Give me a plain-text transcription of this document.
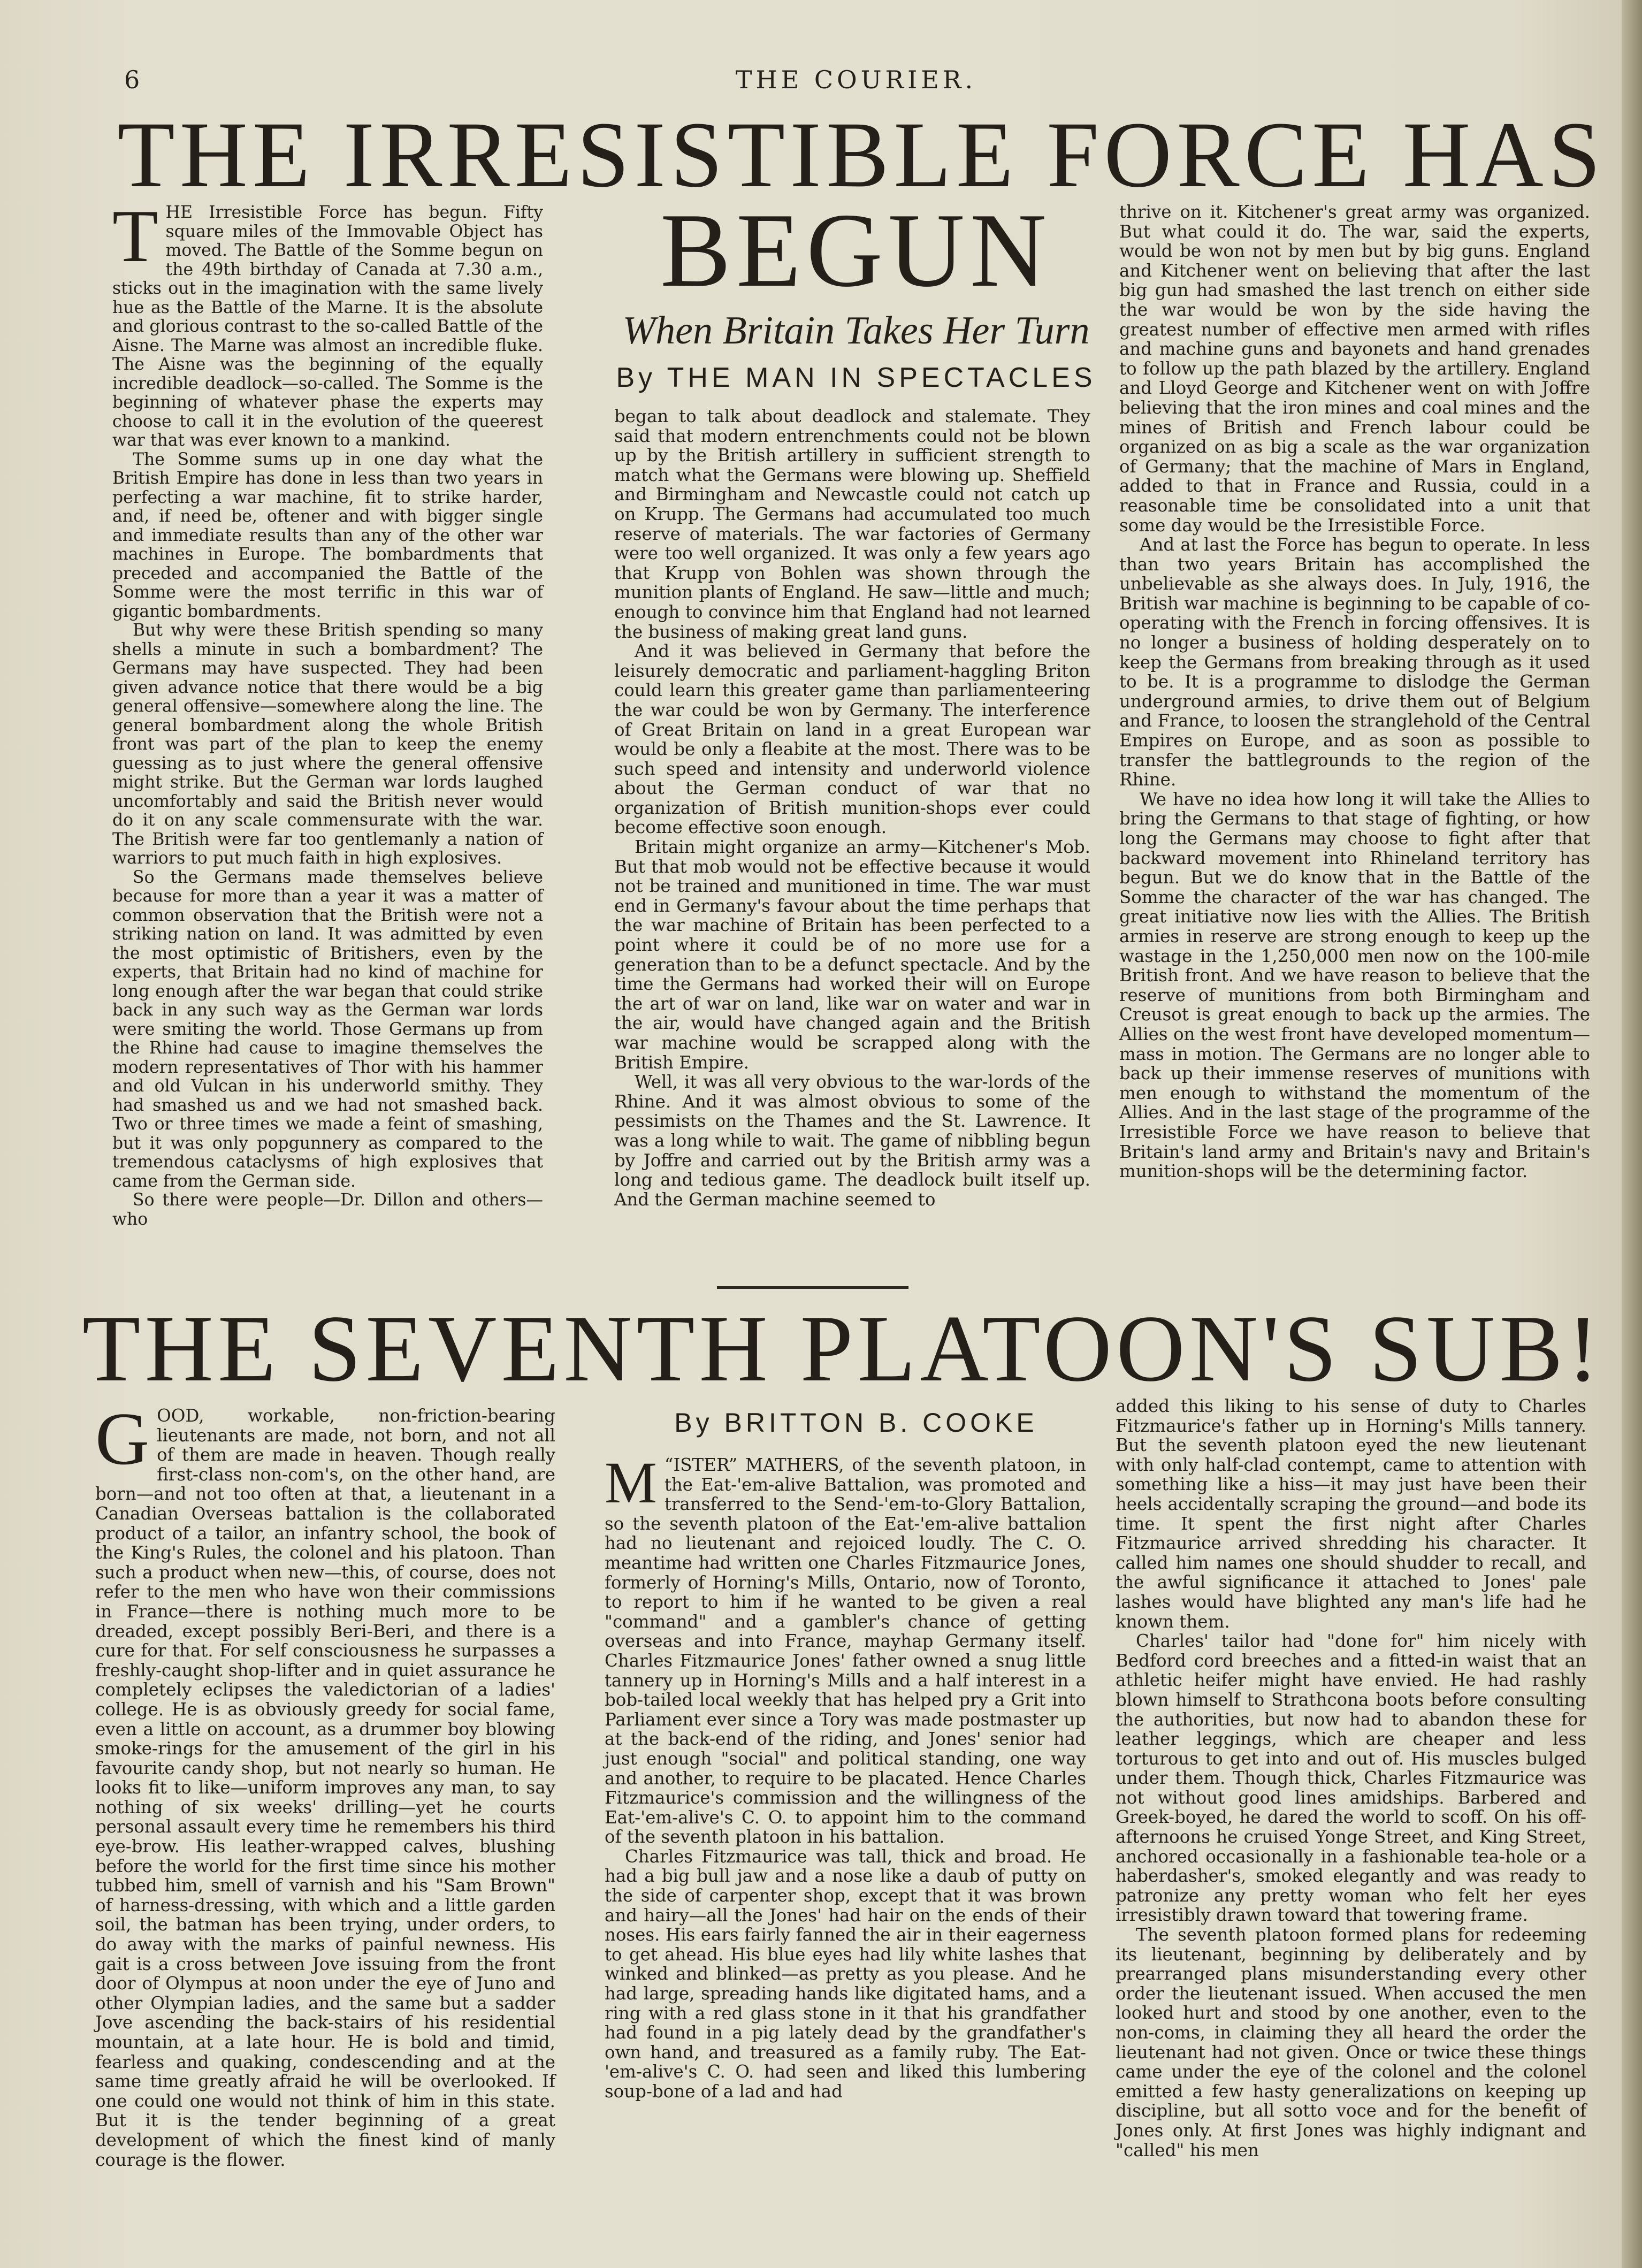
6	THE COURIER.
THE IRRESISTIBLE FORCE HAS
BEGUN
When Britain Takes Her Turn
By THE MAN IN SPECTACLES

THE Irresistible Force has begun. Fifty square miles of the Immovable Object has moved. The Battle of the Somme begun on the 49th birthday of Canada at 7.30 a.m., sticks out in the imagination with the same lively hue as the Battle of the Marne. It is the absolute and glorious contrast to the so-called Battle of the Aisne. The Marne was almost an incredible fluke. The Aisne was the beginning of the equally incredible deadlock—so-called. The Somme is the beginning of whatever phase the experts may choose to call it in the evolution of the queerest war that was ever known to a mankind.

The Somme sums up in one day what the British Empire has done in less than two years in perfecting a war machine, fit to strike harder, and, if need be, oftener and with bigger single and immediate results than any of the other war machines in Europe. The bombardments that preceded and accompanied the Battle of the Somme were the most terrific in this war of gigantic bombardments.

But why were these British spending so many shells a minute in such a bombardment? The Germans may have suspected. They had been given advance notice that there would be a big general offensive—somewhere along the line. The general bombardment along the whole British front was part of the plan to keep the enemy guessing as to just where the general offensive might strike. But the German war lords laughed uncomfortably and said the British never would do it on any scale commensurate with the war. The British were far too gentlemanly a nation of warriors to put much faith in high explosives.

So the Germans made themselves believe because for more than a year it was a matter of common observation that the British were not a striking nation on land. It was admitted by even the most optimistic of Britishers, even by the experts, that Britain had no kind of machine for long enough after the war began that could strike back in any such way as the German war lords were smiting the world. Those Germans up from the Rhine had cause to imagine themselves the modern representatives of Thor with his hammer and old Vulcan in his underworld smithy. They had smashed us and we had not smashed back. Two or three times we made a feint of smashing, but it was only popgunnery as compared to the tremendous cataclysms of high explosives that came from the German side.

So there were people—Dr. Dillon and others—who

began to talk about deadlock and stalemate. They said that modern entrenchments could not be blown up by the British artillery in sufficient strength to match what the Germans were blowing up. Sheffield and Birmingham and Newcastle could not catch up on Krupp. The Germans had accumulated too much reserve of materials. The war factories of Germany were too well organized. It was only a few years ago that Krupp von Bohlen was shown through the munition plants of England. He saw—little and much; enough to convince him that England had not learned the business of making great land guns.

And it was believed in Germany that before the leisurely democratic and parliament-haggling Briton could learn this greater game than parliamenteering the war could be won by Germany. The interference of Great Britain on land in a great European war would be only a fleabite at the most. There was to be such speed and intensity and underworld violence about the German conduct of war that no organization of British munition-shops ever could become effective soon enough.

Britain might organize an army—Kitchener's Mob. But that mob would not be effective because it would not be trained and munitioned in time. The war must end in Germany's favour about the time perhaps that the war machine of Britain has been perfected to a point where it could be of no more use for a generation than to be a defunct spectacle. And by the time the Germans had worked their will on Europe the art of war on land, like war on water and war in the air, would have changed again and the British war machine would be scrapped along with the British Empire.

Well, it was all very obvious to the war-lords of the Rhine. And it was almost obvious to some of the pessimists on the Thames and the St. Lawrence. It was a long while to wait. The game of nibbling begun by Joffre and carried out by the British army was a long and tedious game. The deadlock built itself up. And the German machine seemed to

thrive on it. Kitchener's great army was organized. But what could it do. The war, said the experts, would be won not by men but by big guns. England and Kitchener went on believing that after the last big gun had smashed the last trench on either side the war would be won by the side having the greatest number of effective men armed with rifles and machine guns and bayonets and hand grenades to follow up the path blazed by the artillery. England and Lloyd George and Kitchener went on with Joffre believing that the iron mines and coal mines and the mines of British and French labour could be organized on as big a scale as the war organization of Germany; that the machine of Mars in England, added to that in France and Russia, could in a reasonable time be consolidated into a unit that some day would be the Irresistible Force.

And at last the Force has begun to operate. In less than two years Britain has accomplished the unbelievable as she always does. In July, 1916, the British war machine is beginning to be capable of co-operating with the French in forcing offensives. It is no longer a business of holding desperately on to keep the Germans from breaking through as it used to be. It is a programme to dislodge the German underground armies, to drive them out of Belgium and France, to loosen the stranglehold of the Central Empires on Europe, and as soon as possible to transfer the battlegrounds to the region of the Rhine.

We have no idea how long it will take the Allies to bring the Germans to that stage of fighting, or how long the Germans may choose to fight after that backward movement into Rhineland territory has begun. But we do know that in the Battle of the Somme the character of the war has changed. The great initiative now lies with the Allies. The British armies in reserve are strong enough to keep up the wastage in the 1,250,000 men now on the 100-mile British front. And we have reason to believe that the reserve of munitions from both Birmingham and Creusot is great enough to back up the armies. The Allies on the west front have developed momentum—mass in motion. The Germans are no longer able to back up their immense reserves of munitions with men enough to withstand the momentum of the Allies. And in the last stage of the programme of the Irresistible Force we have reason to believe that Britain's land army and Britain's navy and Britain's munition-shops will be the determining factor.

THE SEVENTH PLATOON'S SUB!
By BRITTON B. COOKE

GOOD, workable, non-friction-bearing lieutenants are made, not born, and not all of them are made in heaven. Though really first-class non-com's, on the other hand, are born—and not too often at that, a lieutenant in a Canadian Overseas battalion is the collaborated product of a tailor, an infantry school, the book of the King's Rules, the colonel and his platoon. Than such a product when new—this, of course, does not refer to the men who have won their commissions in France—there is nothing much more to be dreaded, except possibly Beri-Beri, and there is a cure for that. For self consciousness he surpasses a freshly-caught shop-lifter and in quiet assurance he completely eclipses the valedictorian of a ladies' college. He is as obviously greedy for social fame, even a little on account, as a drummer boy blowing smoke-rings for the amusement of the girl in his favourite candy shop, but not nearly so human. He looks fit to like—uniform improves any man, to say nothing of six weeks' drilling—yet he courts personal assault every time he remembers his third eye-brow. His leather-wrapped calves, blushing before the world for the first time since his mother tubbed him, smell of varnish and his "Sam Brown" of harness-dressing, with which and a little garden soil, the batman has been trying, under orders, to do away with the marks of painful newness. His gait is a cross between Jove issuing from the front door of Olympus at noon under the eye of Juno and other Olympian ladies, and the same but a sadder Jove ascending the back-stairs of his residential mountain, at a late hour. He is bold and timid, fearless and quaking, condescending and at the same time greatly afraid he will be overlooked. If one could one would not think of him in this state. But it is the tender beginning of a great development of which the finest kind of manly courage is the flower.

“
M ISTER” MATHERS, of the seventh platoon, in the Eat-'em-alive Battalion, was promoted and transferred to the Send-'em-to-Glory Battalion, so the seventh platoon of the Eat-'em-alive battalion had no lieutenant and rejoiced loudly. The C. O. meantime had written one Charles Fitzmaurice Jones, formerly of Horning's Mills, Ontario, now of Toronto, to report to him if he wanted to be given a real "command" and a gambler's chance of getting overseas and into France, mayhap Germany itself. Charles Fitzmaurice Jones' father owned a snug little tannery up in Horning's Mills and a half interest in a bob-tailed local weekly that has helped pry a Grit into Parliament ever since a Tory was made postmaster up at the back-end of the riding, and Jones' senior had just enough "social" and political standing, one way and another, to require to be placated. Hence Charles Fitzmaurice's commission and the willingness of the Eat-'em-alive's C. O. to appoint him to the command of the seventh platoon in his battalion.

Charles Fitzmaurice was tall, thick and broad. He had a big bull jaw and a nose like a daub of putty on the side of carpenter shop, except that it was brown and hairy—all the Jones' had hair on the ends of their noses. His ears fairly fanned the air in their eagerness to get ahead. His blue eyes had lily white lashes that winked and blinked—as pretty as you please. And he had large, spreading hands like digitated hams, and a ring with a red glass stone in it that his grandfather had found in a pig lately dead by the grandfather's own hand, and treasured as a family ruby. The Eat-'em-alive's C. O. had seen and liked this lumbering soup-bone of a lad and had

added this liking to his sense of duty to Charles Fitzmaurice's father up in Horning's Mills tannery. But the seventh platoon eyed the new lieutenant with only half-clad contempt, came to attention with something like a hiss—it may just have been their heels accidentally scraping the ground—and bode its time. It spent the first night after Charles Fitzmaurice arrived shredding his character. It called him names one should shudder to recall, and the awful significance it attached to Jones' pale lashes would have blighted any man's life had he known them.

Charles' tailor had "done for" him nicely with Bedford cord breeches and a fitted-in waist that an athletic heifer might have envied. He had rashly blown himself to Strathcona boots before consulting the authorities, but now had to abandon these for leather leggings, which are cheaper and less torturous to get into and out of. His muscles bulged under them. Though thick, Charles Fitzmaurice was not without good lines amidships. Barbered and Greek-boyed, he dared the world to scoff. On his off-afternoons he cruised Yonge Street, and King Street, anchored occasionally in a fashionable tea-hole or a haberdasher's, smoked elegantly and was ready to patronize any pretty woman who felt her eyes irresistibly drawn toward that towering frame.

The seventh platoon formed plans for redeeming its lieutenant, beginning by deliberately and by prearranged plans misunderstanding every other order the lieutenant issued. When accused the men looked hurt and stood by one another, even to the non-coms, in claiming they all heard the order the lieutenant had not given. Once or twice these things came under the eye of the colonel and the colonel emitted a few hasty generalizations on keeping up discipline, but all sotto voce and for the benefit of Jones only. At first Jones was highly indignant and "called" his men
